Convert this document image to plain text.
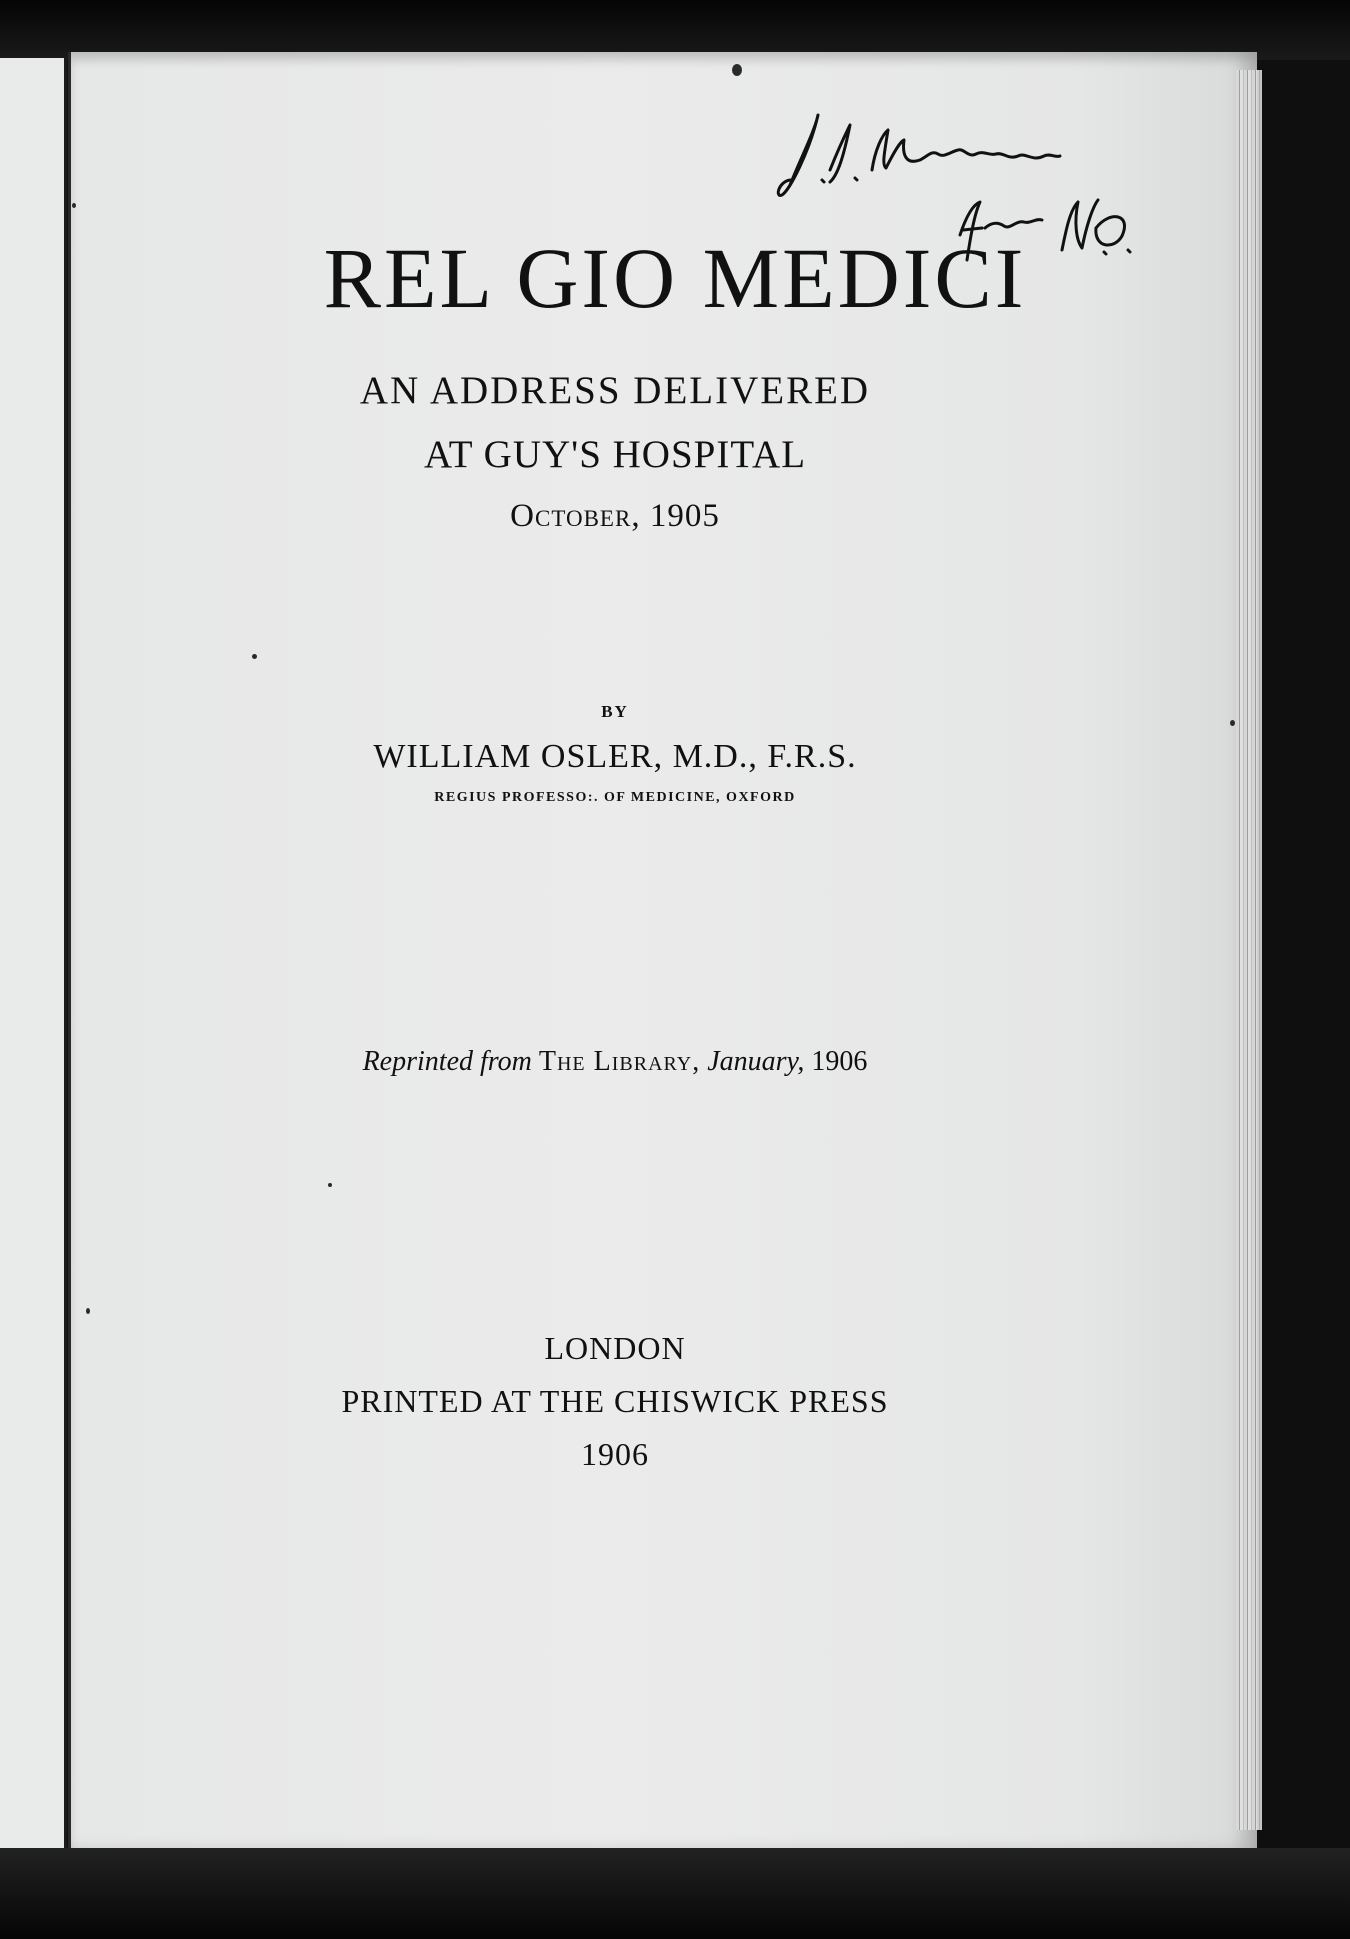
J.J. Mackenzie from W.O.
REL GIO MEDICI
AN ADDRESS DELIVERED
AT GUY'S HOSPITAL
October, 1905
BY
WILLIAM OSLER, M.D., F.R.S.
REGIUS PROFESSO:. OF MEDICINE, OXFORD
Reprinted from The Library, January, 1906
LONDON
PRINTED AT THE CHISWICK PRESS
1906
